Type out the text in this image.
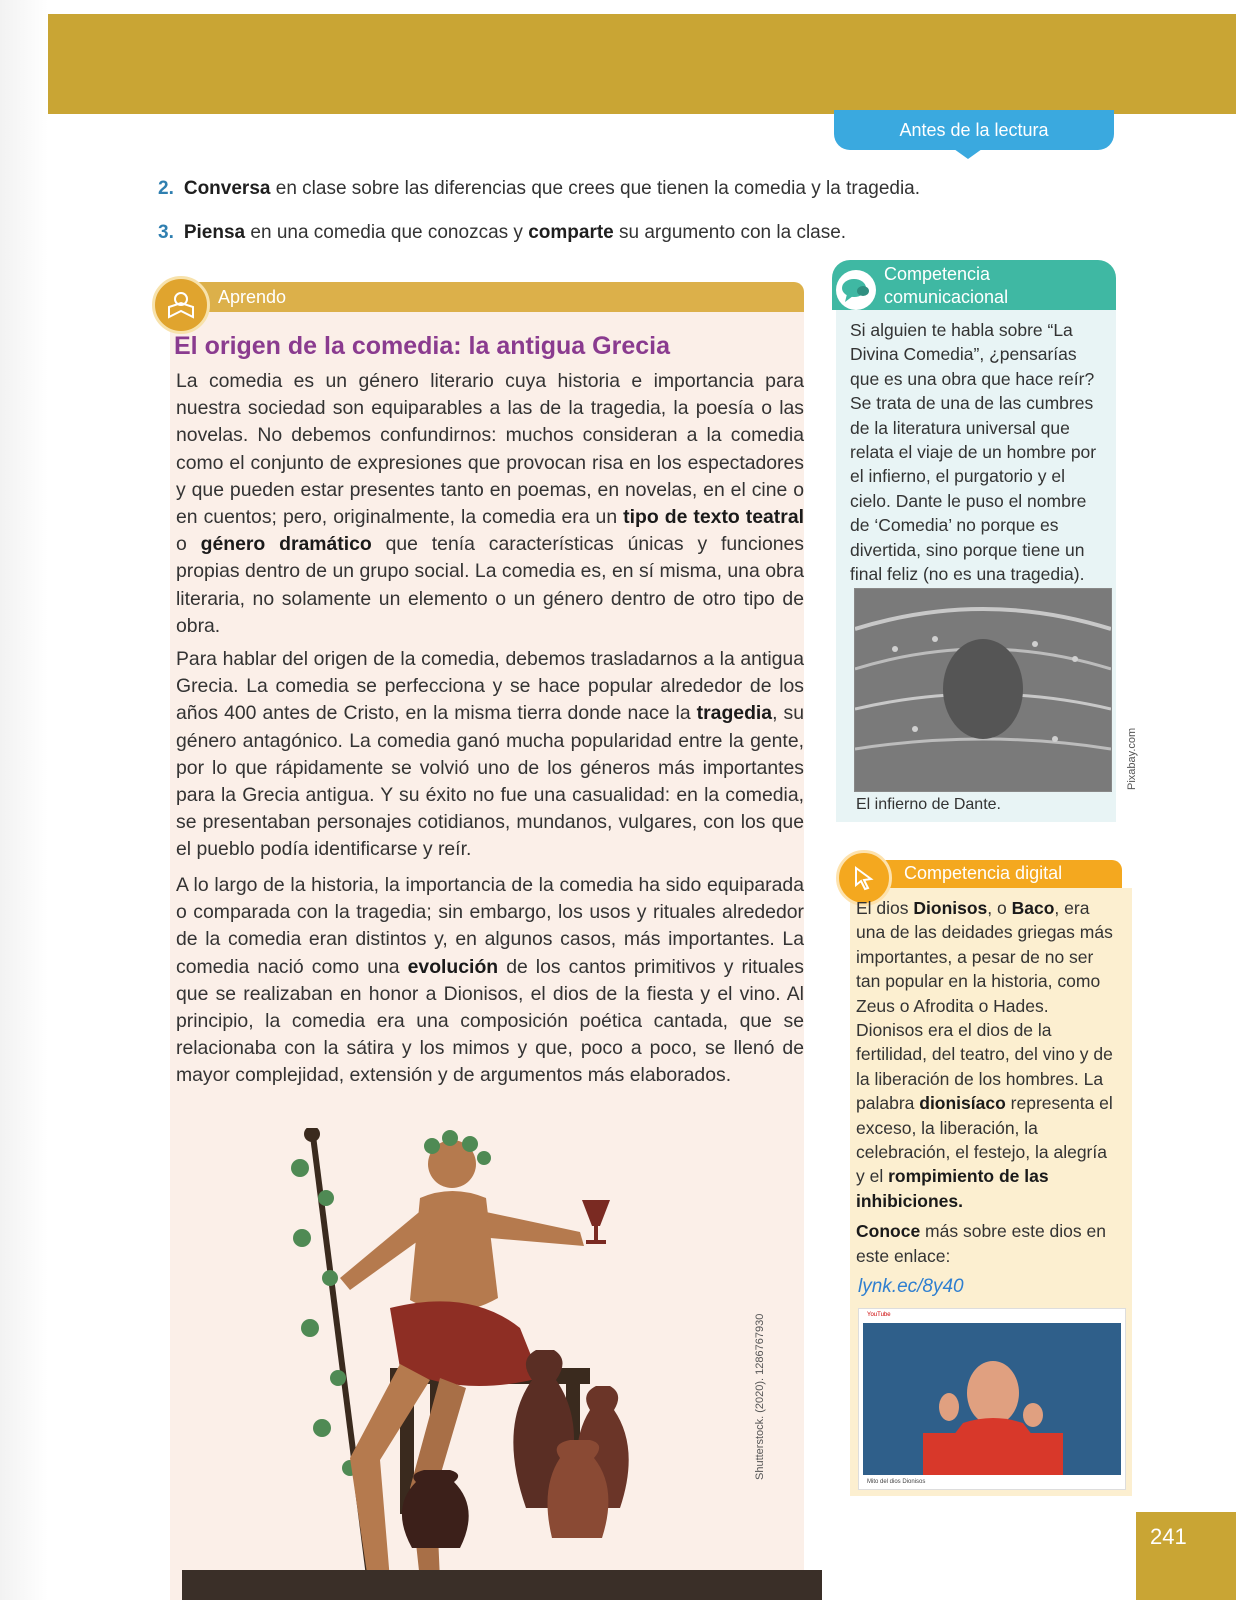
Antes de la lectura
2. Conversa en clase sobre las diferencias que crees que tienen la comedia y la tragedia.
3. Piensa en una comedia que conozcas y comparte su argumento con la clase.
Aprendo
El origen de la comedia: la antigua Grecia
La comedia es un género literario cuya historia e importancia para nuestra sociedad son equiparables a las de la tragedia, la poesía o las novelas. No debemos confundirnos: muchos consideran a la comedia como el conjunto de expresiones que provocan risa en los espectadores y que pueden estar presentes tanto en poemas, en novelas, en el cine o en cuentos; pero, originalmente, la comedia era un tipo de texto teatral o género dramático que tenía características únicas y funciones propias dentro de un grupo social. La comedia es, en sí misma, una obra literaria, no solamente un elemento o un género dentro de otro tipo de obra.
Para hablar del origen de la comedia, debemos trasladarnos a la antigua Grecia. La comedia se perfecciona y se hace popular alrededor de los años 400 antes de Cristo, en la misma tierra donde nace la tragedia, su género antagónico. La comedia ganó mucha popularidad entre la gente, por lo que rápidamente se volvió uno de los géneros más importantes para la Grecia antigua. Y su éxito no fue una casualidad: en la comedia, se presentaban personajes cotidianos, mundanos, vulgares, con los que el pueblo podía identificarse y reír.
A lo largo de la historia, la importancia de la comedia ha sido equiparada o comparada con la tragedia; sin embargo, los usos y rituales alrededor de la comedia eran distintos y, en algunos casos, más importantes. La comedia nació como una evolución de los cantos primitivos y rituales que se realizaban en honor a Dionisos, el dios de la fiesta y el vino. Al principio, la comedia era una composición poética cantada, que se relacionaba con la sátira y los mimos y que, poco a poco, se llenó de mayor complejidad, extensión y de argumentos más elaborados.
Shutterstock. (2020). 1286767930
Competencia
comunicacional
Si alguien te habla sobre “La Divina Comedia”, ¿pensarías que es una obra que hace reír? Se trata de una de las cumbres de la literatura universal que relata el viaje de un hombre por el infierno, el purgatorio y el cielo. Dante le puso el nombre de ‘Comedia’ no porque es divertida, sino porque tiene un final feliz (no es una tragedia).
El infierno de Dante.
Pixabay.com
Competencia digital
El dios Dionisos, o Baco, era una de las deidades griegas más importantes, a pesar de no ser tan popular en la historia, como Zeus o Afrodita o Hades. Dionisos era el dios de la fertilidad, del teatro, del vino y de la liberación de los hombres. La palabra dionisíaco representa el exceso, la liberación, la celebración, el festejo, la alegría y el rompimiento de las inhibiciones.
Conoce más sobre este dios en este enlace:
lynk.ec/8y40
YouTube
Mito del dios Dionisos
241
